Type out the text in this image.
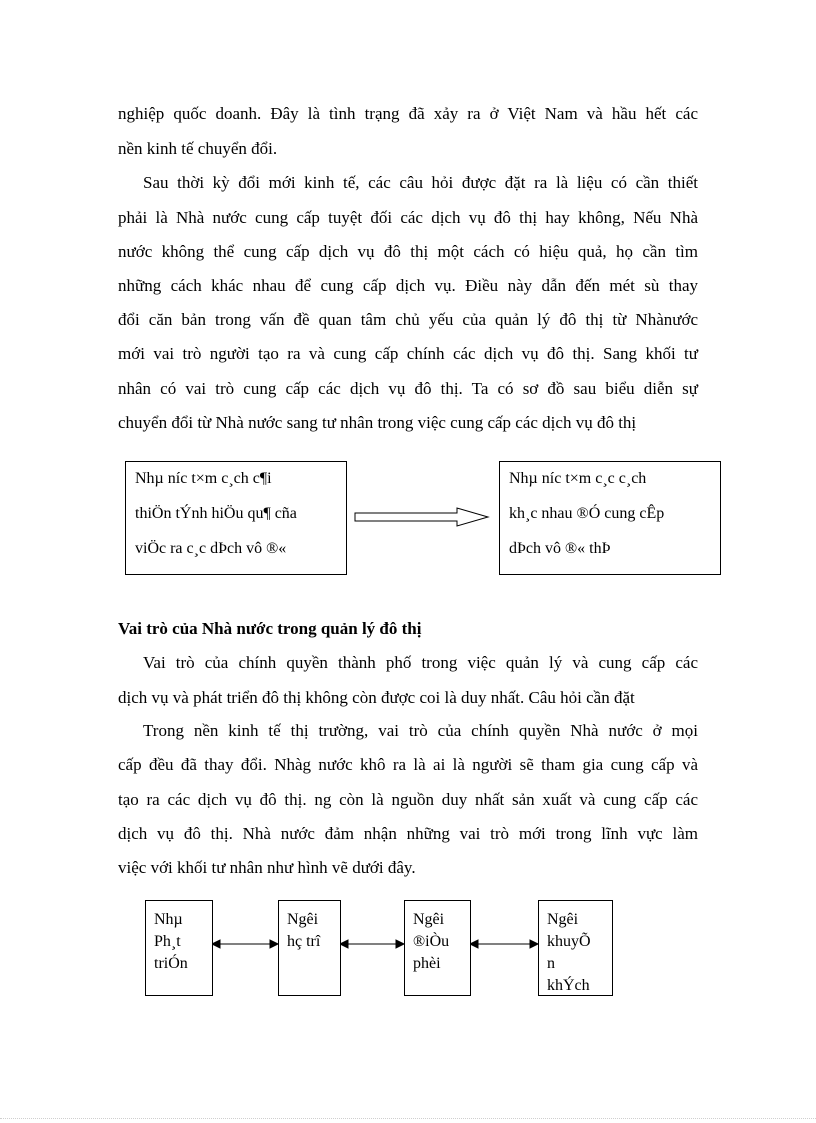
nghiệp quốc doanh. Đây là tình trạng đã xảy ra ở Việt Nam và hầu hết các
nền kinh tế chuyển đổi.
Sau thời kỳ đổi mới kinh tế, các câu hỏi được đặt ra là liệu có cần thiết
phải là Nhà nước cung cấp tuyệt đối các dịch vụ đô thị hay không, Nếu Nhà
nước không thể cung cấp dịch vụ đô thị một cách có hiệu quả, họ cần tìm
những cách khác nhau để cung cấp dịch vụ. Điều này dẫn đến mét sù thay
đổi căn bản trong vấn đề quan tâm chủ yếu của quản lý đô thị từ Nhànước
mới vai trò người tạo ra và cung cấp chính các dịch vụ đô thị. Sang khối tư
nhân có vai trò cung cấp các dịch vụ đô thị. Ta có sơ đồ sau biểu diễn sự
chuyển đổi từ Nhà nước sang tư nhân trong việc cung cấp các dịch vụ đô thị
Nhµ níc t×m c¸ch c¶i
thiÖn tÝnh hiÖu qu¶ cña
viÖc ra c¸c dÞch vô ®«
Nhµ níc t×m c¸c c¸ch
kh¸c nhau ®Ó cung cÊp
dÞch vô ®« thÞ
Vai trò của Nhà nước trong quản lý đô thị
Vai trò của chính quyền thành phố trong việc quản lý và cung cấp các
dịch vụ và phát triển đô thị không còn được coi là duy nhất. Câu hỏi cần đặt
Trong nền kinh tế thị trường, vai trò của chính quyền Nhà nước ở mọi
cấp đều đã thay đổi. Nhàg nước khô ra là ai là người sẽ tham gia cung cấp và
tạo ra các dịch vụ đô thị. ng còn là nguồn duy nhất sản xuất và cung cấp các
dịch vụ đô thị. Nhà nước đảm nhận những vai trò mới trong lĩnh vực làm
việc với khối tư nhân như hình vẽ dưới đây.
Nhµ
Ph¸t
triÓn
Ngêi
hç trî
Ngêi
®iÒu
phèi
Ngêi
khuyÕ
n
khÝch
